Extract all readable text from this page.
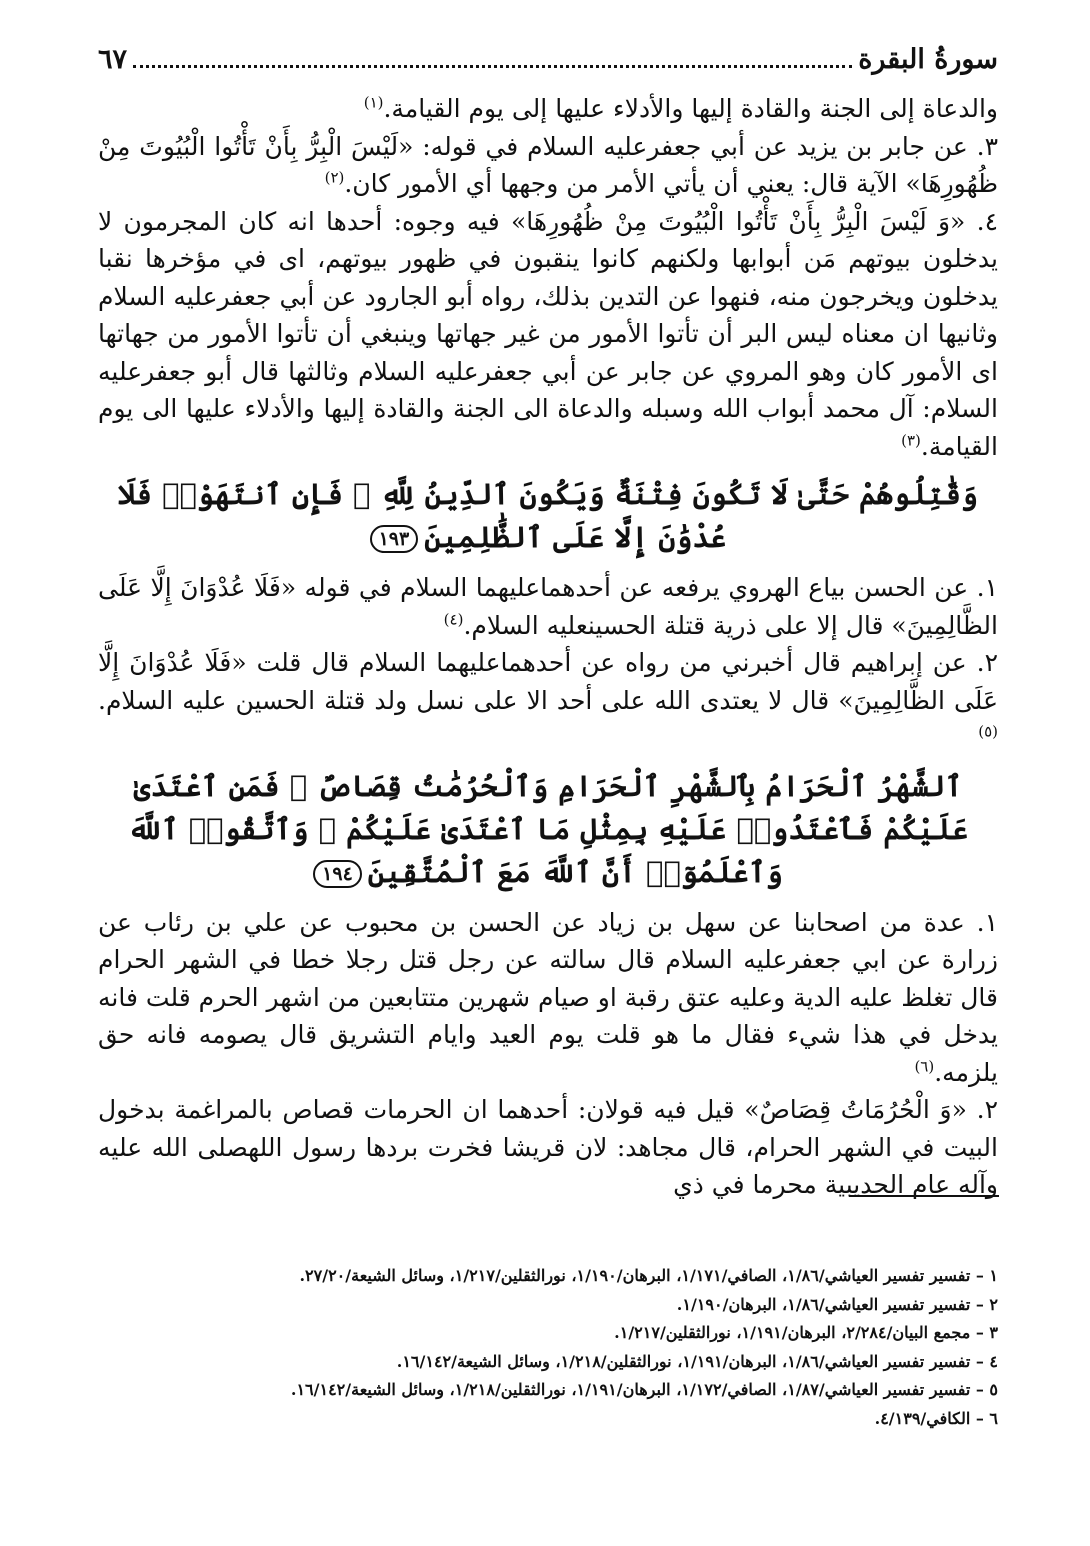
سورةُ البقرة
٦٧

والدعاة إلى الجنة والقادة إليها والأدلاء عليها إلى يوم القيامة.$^{(١)}$

٣. عن جابر بن يزيد عن أبي جعفرعليه السلام في قوله: «لَيْسَ الْبِرُّ بِأَنْ تَأْتُوا الْبُيُوتَ مِنْ ظُهُورِهَا» الآية قال: يعني أن يأتي الأمر من وجهها أي الأمور كان.$^{(٢)}$

٤. «وَ لَيْسَ الْبِرُّ بِأَنْ تَأْتُوا الْبُيُوتَ مِنْ ظُهُورِهَا» فيه وجوه: أحدها انه كان المجرمون لا يدخلون بيوتهم مَن أبوابها ولكنهم كانوا ينقبون في ظهور بيوتهم، اى في مؤخرها نقبا يدخلون ويخرجون منه، فنهوا عن التدين بذلك، رواه أبو الجارود عن أبي جعفرعليه السلام وثانيها ان معناه ليس البر أن تأتوا الأمور من غير جهاتها وينبغي أن تأتوا الأمور من جهاتها اى الأمور كان وهو المروي عن جابر عن أبي جعفرعليه السلام وثالثها قال أبو جعفرعليه السلام: آل محمد أبواب الله وسبله والدعاة الى الجنة والقادة إليها والأدلاء عليها الى يوم القيامة.$^{(٣)}$

وَقَٰتِلُوهُمْ حَتَّىٰ لَا تَكُونَ فِتْنَةٌ وَيَكُونَ ٱلدِّينُ لِلَّهِ ۖ فَإِنِ ٱنتَهَوْا۟ فَلَا عُدْوَٰنَ إِلَّا عَلَى ٱلظَّٰلِمِينَ١٩٣

١. عن الحسن بياع الهروي يرفعه عن أحدهماعليهما السلام في قوله «فَلَا عُدْوَانَ إِلَّا عَلَى الظَّالِمِينَ» قال إلا على ذرية قتلة الحسينعليه السلام.$^{(٤)}$

٢. عن إبراهيم قال أخبرني من رواه عن أحدهماعليهما السلام قال قلت «فَلَا عُدْوَانَ إِلَّا عَلَى الظَّالِمِينَ» قال لا يعتدى الله على أحد الا على نسل ولد قتلة الحسين عليه السلام.$^{(٥)}$

ٱلشَّهْرُ ٱلْحَرَامُ بِٱلشَّهْرِ ٱلْحَرَامِ وَٱلْحُرُمَٰتُ قِصَاصٌ ۚ فَمَنِ ٱعْتَدَىٰ عَلَيْكُمْ فَٱعْتَدُوا۟ عَلَيْهِ بِمِثْلِ مَا ٱعْتَدَىٰ عَلَيْكُمْ ۚ وَٱتَّقُوا۟ ٱللَّهَ وَٱعْلَمُوٓا۟ أَنَّ ٱللَّهَ مَعَ ٱلْمُتَّقِينَ١٩٤

١. عدة من اصحابنا عن سهل بن زياد عن الحسن بن محبوب عن علي بن رئاب عن زرارة عن ابي جعفرعليه السلام قال سالته عن رجل قتل رجلا خطا في الشهر الحرام قال تغلظ عليه الدية وعليه عتق رقبة او صيام شهرين متتابعين من اشهر الحرم قلت فانه يدخل في هذا شيء فقال ما هو قلت يوم العيد وايام التشريق قال يصومه فانه حق يلزمه.$^{(٦)}$

٢. «وَ الْحُرُمَاتُ قِصَاصٌ» قيل فيه قولان: أحدهما ان الحرمات قصاص بالمراغمة بدخول البيت في الشهر الحرام، قال مجاهد: لان قريشا فخرت بردها رسول اللهصلى الله عليه وآله عام الحديبية محرما في ذي

١ – تفسير تفسير العياشي/١/٨٦، الصافي/١/١٧١، البرهان/١/١٩٠، نورالثقلين/١/٢١٧، وسائل الشيعة/٢٧/٢٠.
٢ – تفسير تفسير العياشي/١/٨٦، البرهان/١/١٩٠.
٣ – مجمع البيان/٢/٢٨٤، البرهان/١/١٩١، نورالثقلين/١/٢١٧.
٤ – تفسير تفسير العياشي/١/٨٦، البرهان/١/١٩١، نورالثقلين/١/٢١٨، وسائل الشيعة/١٦/١٤٢.
٥ – تفسير تفسير العياشي/١/٨٧، الصافي/١/١٧٢، البرهان/١/١٩١، نورالثقلين/١/٢١٨، وسائل الشيعة/١٦/١٤٢.
٦ – الكافي/٤/١٣٩.
